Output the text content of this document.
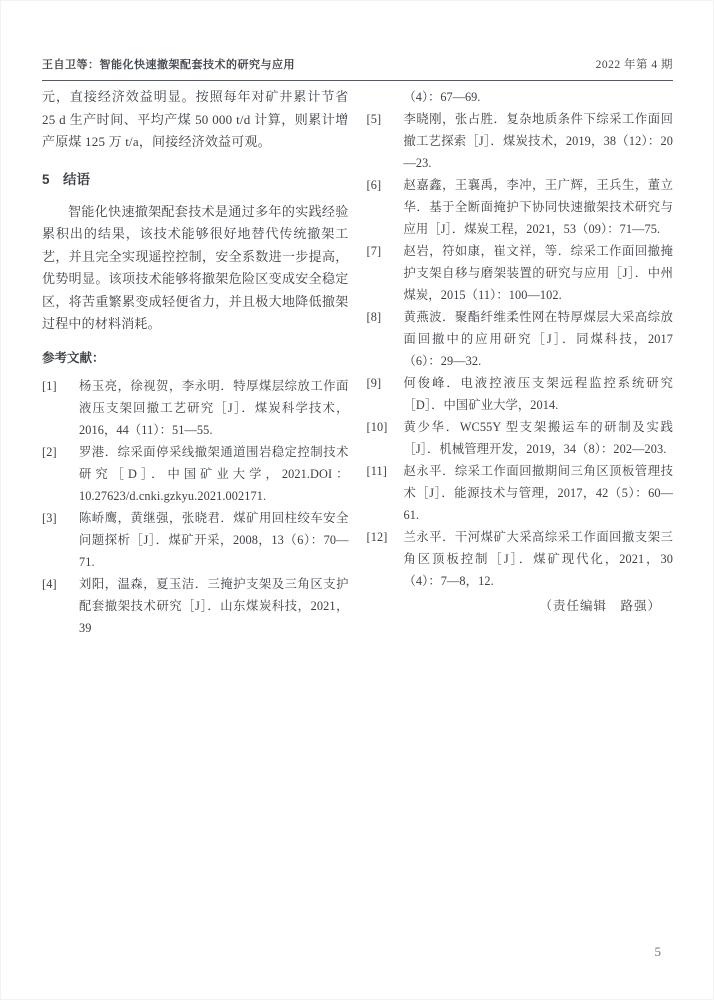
王自卫等：智能化快速撤架配套技术的研究与应用	2022 年第 4 期

元，直接经济效益明显。按照每年对矿井累计节省 25 d 生产时间、平均产煤 50 000 t/d 计算，则累计增产原煤 125 万 t/a，间接经济效益可观。

5　结语

智能化快速撤架配套技术是通过多年的实践经验累积出的结果，该技术能够很好地替代传统撤架工艺，并且完全实现遥控控制，安全系数进一步提高，优势明显。该项技术能够将撤架危险区变成安全稳定区，将苦重繁累变成轻便省力，并且极大地降低撤架过程中的材料消耗。

参考文献：
[1]	杨玉亮，徐视贺，李永明．特厚煤层综放工作面液压支架回撤工艺研究［J］．煤炭科学技术，2016，44（11）：51—55.
[2]	罗港．综采面停采线撤架通道围岩稳定控制技术研究［D］．中国矿业大学，2021.DOI：10.27623/d.cnki.gzkyu.2021.002171.
[3]	陈峤鹰，黄继强，张晓君．煤矿用回柱绞车安全问题探析［J］．煤矿开采，2008，13（6）：70—71.
[4]	刘阳，温森，夏玉洁．三掩护支架及三角区支护配套撤架技术研究［J］．山东煤炭科技，2021，39
（4）：67—69.
[5]	李晓刚，张占胜．复杂地质条件下综采工作面回撤工艺探索［J］．煤炭技术，2019，38（12）：20—23.
[6]	赵嘉鑫，王襄禹，李冲，王广辉，王兵生，董立华．基于全断面掩护下协同快速撤架技术研究与应用［J］．煤炭工程，2021，53（09）：71—75.
[7]	赵岩，符如康，崔文祥，等．综采工作面回撤掩护支架自移与磨架装置的研究与应用［J］．中州煤炭，2015（11）：100—102.
[8]	黄燕波．聚酯纤维柔性网在特厚煤层大采高综放面回撤中的应用研究［J］．同煤科技，2017（6）：29—32.
[9]	何俊峰．电液控液压支架远程监控系统研究［D］．中国矿业大学，2014.
[10]	黄少华．WC55Y 型支架搬运车的研制及实践［J］．机械管理开发，2019，34（8）：202—203.
[11]	赵永平．综采工作面回撤期间三角区顶板管理技术［J］．能源技术与管理，2017，42（5）：60—61.
[12]	兰永平．干河煤矿大采高综采工作面回撤支架三角区顶板控制［J］．煤矿现代化，2021，30（4）：7—8，12.
（责任编辑　路强）
5
